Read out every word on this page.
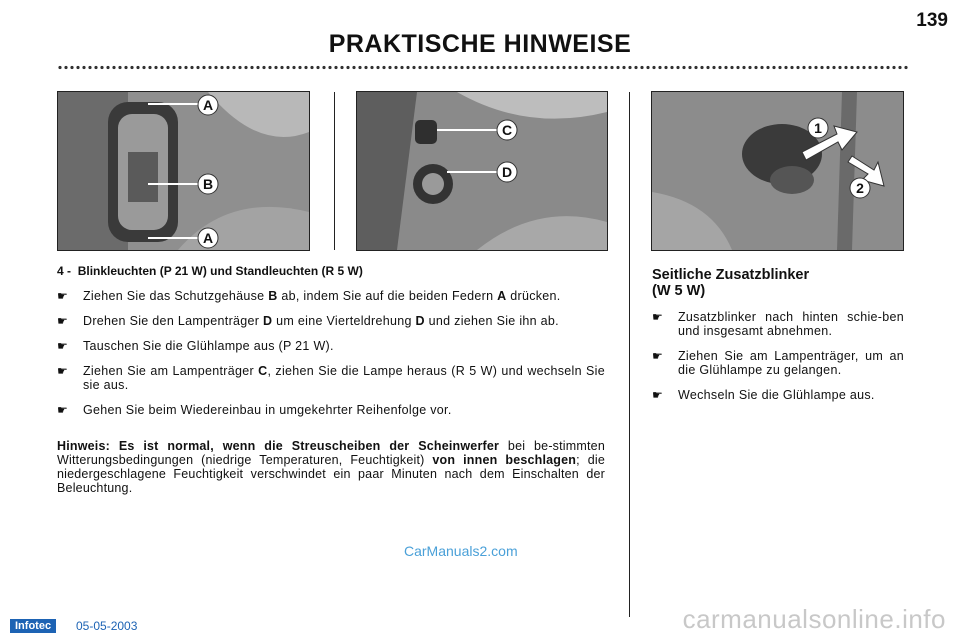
139
PRAKTISCHE HINWEISE
A
B
A
C
D
1
2
4 - Blinkleuchten (P 21 W) und Standleuchten (R 5 W)
☛ Ziehen Sie das Schutzgehäuse B ab, indem Sie auf die beiden Federn A drücken.
☛ Drehen Sie den Lampenträger D um eine Vierteldrehung D und ziehen Sie ihn ab.
☛ Tauschen Sie die Glühlampe aus (P 21 W).
☛ Ziehen Sie am Lampenträger C, ziehen Sie die Lampe heraus (R 5 W) und wechseln Sie sie aus.
☛ Gehen Sie beim Wiedereinbau in umgekehrter Reihenfolge vor.
Hinweis: Es ist normal, wenn die Streuscheiben der Scheinwerfer bei be-stimmten Witterungsbedingungen (niedrige Temperaturen, Feuchtigkeit) von innen beschlagen; die niedergeschlagene Feuchtigkeit verschwindet ein paar Minuten nach dem Einschalten der Beleuchtung.
Seitliche Zusatzblinker
(W 5 W)
☛ Zusatzblinker nach hinten schie-ben und insgesamt abnehmen.
☛ Ziehen Sie am Lampenträger, um an die Glühlampe zu gelangen.
☛ Wechseln Sie die Glühlampe aus.
CarManuals2.com
carmanualsonline.info
Infotec	05-05-2003
